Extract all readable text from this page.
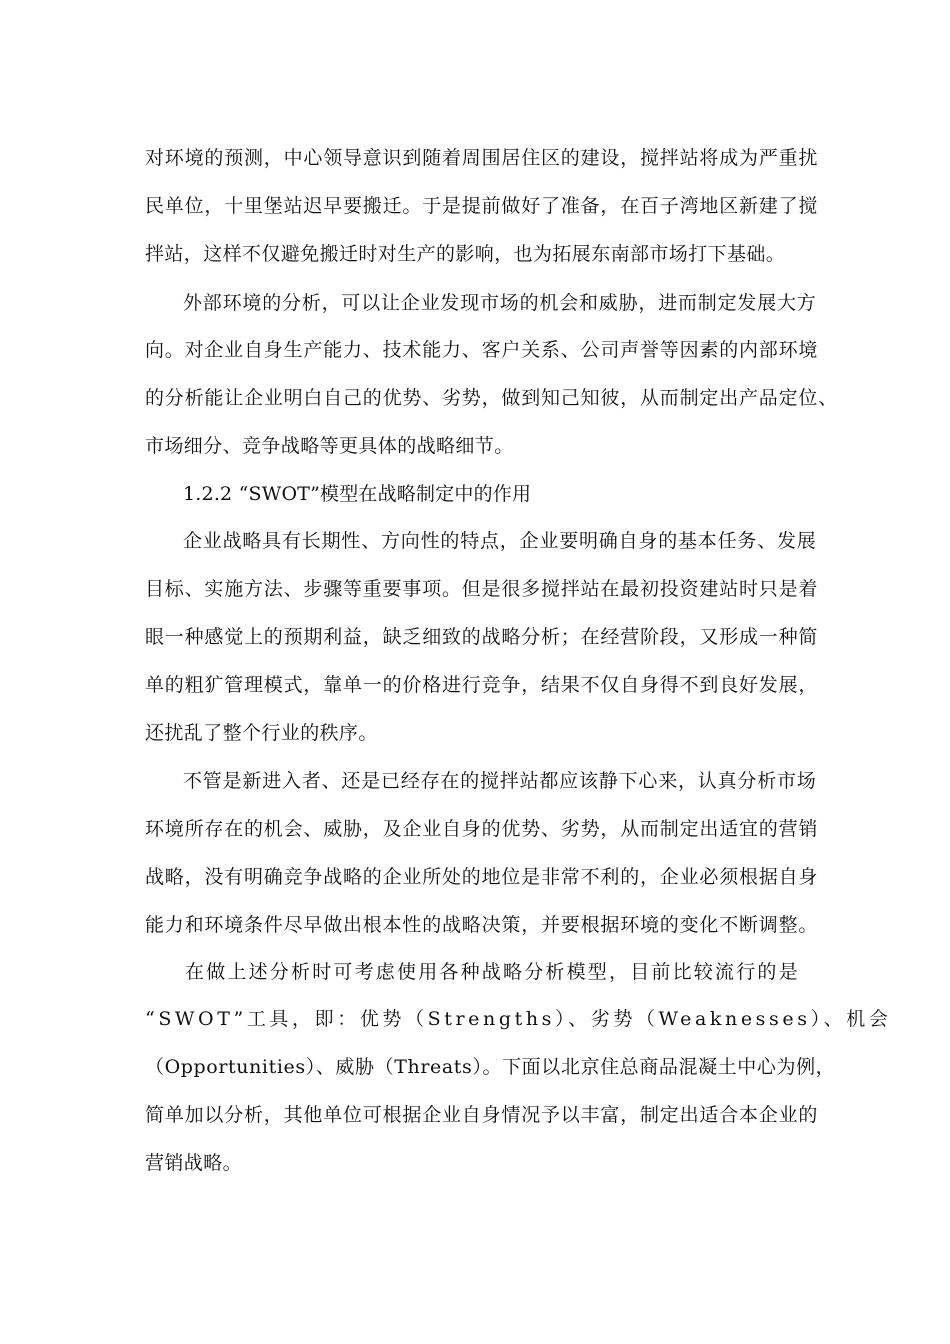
对环境的预测，中心领导意识到随着周围居住区的建设，搅拌站将成为严重扰
民单位，十里堡站迟早要搬迁。于是提前做好了准备，在百子湾地区新建了搅
拌站，这样不仅避免搬迁时对生产的影响，也为拓展东南部市场打下基础。
外部环境的分析，可以让企业发现市场的机会和威胁，进而制定发展大方
向。对企业自身生产能力、技术能力、客户关系、公司声誉等因素的内部环境
的分析能让企业明白自己的优势、劣势，做到知己知彼，从而制定出产品定位、
市场细分、竞争战略等更具体的战略细节。
1.2.2 “SWOT”模型在战略制定中的作用
企业战略具有长期性、方向性的特点，企业要明确自身的基本任务、发展
目标、实施方法、步骤等重要事项。但是很多搅拌站在最初投资建站时只是着
眼一种感觉上的预期利益，缺乏细致的战略分析；在经营阶段，又形成一种简
单的粗犷管理模式，靠单一的价格进行竞争，结果不仅自身得不到良好发展，
还扰乱了整个行业的秩序。
不管是新进入者、还是已经存在的搅拌站都应该静下心来，认真分析市场
环境所存在的机会、威胁，及企业自身的优势、劣势，从而制定出适宜的营销
战略，没有明确竞争战略的企业所处的地位是非常不利的，企业必须根据自身
能力和环境条件尽早做出根本性的战略决策，并要根据环境的变化不断调整。
在做上述分析时可考虑使用各种战略分析模型，目前比较流行的是
“SWOT”工具，即：优势（Strengths）、劣势（Weaknesses）、机会
（Opportunities）、威胁（Threats）。下面以北京住总商品混凝土中心为例，
简单加以分析，其他单位可根据企业自身情况予以丰富，制定出适合本企业的
营销战略。
